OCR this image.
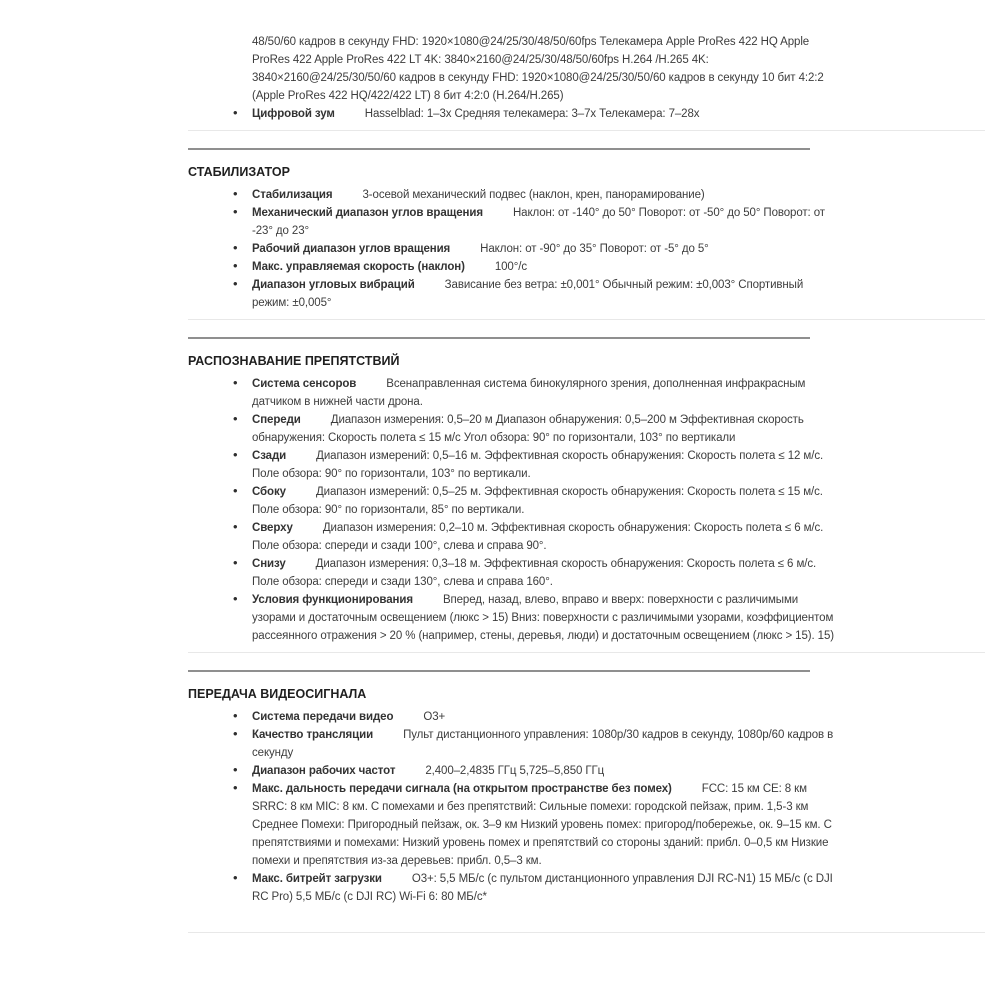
48/50/60 кадров в секунду FHD: 1920×1080@24/25/30/48/50/60fps Телекамера Apple ProRes 422 HQ Apple ProRes 422 Apple ProRes 422 LT 4K: 3840×2160@24/25/30/48/50/60fps H.264 /H.265 4K: 3840×2160@24/25/30/50/60 кадров в секунду FHD: 1920×1080@24/25/30/50/60 кадров в секунду 10 бит 4:2:2 (Apple ProRes 422 HQ/422/422 LT) 8 бит 4:2:0 (H.264/H.265)

• Цифровой зум	Hasselblad: 1–3x Средняя телекамера: 3–7x Телекамера: 7–28x
СТАБИЛИЗАТОР
• Стабилизация	3-осевой механический подвес (наклон, крен, панорамирование)
• Механический диапазон углов вращения	Наклон: от -140° до 50° Поворот: от -50° до 50° Поворот: от -23° до 23°
• Рабочий диапазон углов вращения	Наклон: от -90° до 35° Поворот: от -5° до 5°
• Макс. управляемая скорость (наклон)	100°/с
• Диапазон угловых вибраций	Зависание без ветра: ±0,001° Обычный режим: ±0,003° Спортивный режим: ±0,005°
РАСПОЗНАВАНИЕ ПРЕПЯТСТВИЙ
• Система сенсоров	Всенаправленная система бинокулярного зрения, дополненная инфракрасным датчиком в нижней части дрона.
• Спереди	Диапазон измерения: 0,5–20 м Диапазон обнаружения: 0,5–200 м Эффективная скорость обнаружения: Скорость полета ≤ 15 м/с Угол обзора: 90° по горизонтали, 103° по вертикали
• Сзади	Диапазон измерений: 0,5–16 м. Эффективная скорость обнаружения: Скорость полета ≤ 12 м/с. Поле обзора: 90° по горизонтали, 103° по вертикали.
• Сбоку	Диапазон измерений: 0,5–25 м. Эффективная скорость обнаружения: Скорость полета ≤ 15 м/с. Поле обзора: 90° по горизонтали, 85° по вертикали.
• Сверху	Диапазон измерения: 0,2–10 м. Эффективная скорость обнаружения: Скорость полета ≤ 6 м/с. Поле обзора: спереди и сзади 100°, слева и справа 90°.
• Снизу	Диапазон измерения: 0,3–18 м. Эффективная скорость обнаружения: Скорость полета ≤ 6 м/с. Поле обзора: спереди и сзади 130°, слева и справа 160°.
• Условия функционирования	Вперед, назад, влево, вправо и вверх: поверхности с различимыми узорами и достаточным освещением (люкс > 15) Вниз: поверхности с различимыми узорами, коэффициентом рассеянного отражения > 20 % (например, стены, деревья, люди) и достаточным освещением (люкс > 15). 15)
ПЕРЕДАЧА ВИДЕОСИГНАЛА
• Система передачи видео	O3+
• Качество трансляции	Пульт дистанционного управления: 1080p/30 кадров в секунду, 1080p/60 кадров в секунду
• Диапазон рабочих частот	2,400–2,4835 ГГц 5,725–5,850 ГГц
• Макс. дальность передачи сигнала (на открытом пространстве без помех)	FCC: 15 км CE: 8 км SRRC: 8 км MIC: 8 км. С помехами и без препятствий: Сильные помехи: городской пейзаж, прим. 1,5-3 км Среднее Помехи: Пригородный пейзаж, ок. 3–9 км Низкий уровень помех: пригород/побережье, ок. 9–15 км. С препятствиями и помехами: Низкий уровень помех и препятствий со стороны зданий: прибл. 0–0,5 км Низкие помехи и препятствия из-за деревьев: прибл. 0,5–3 км.
• Макс. битрейт загрузки	O3+: 5,5 МБ/с (с пультом дистанционного управления DJI RC-N1) 15 МБ/с (с DJI RC Pro) 5,5 МБ/с (с DJI RC) Wi-Fi 6: 80 МБ/с*
